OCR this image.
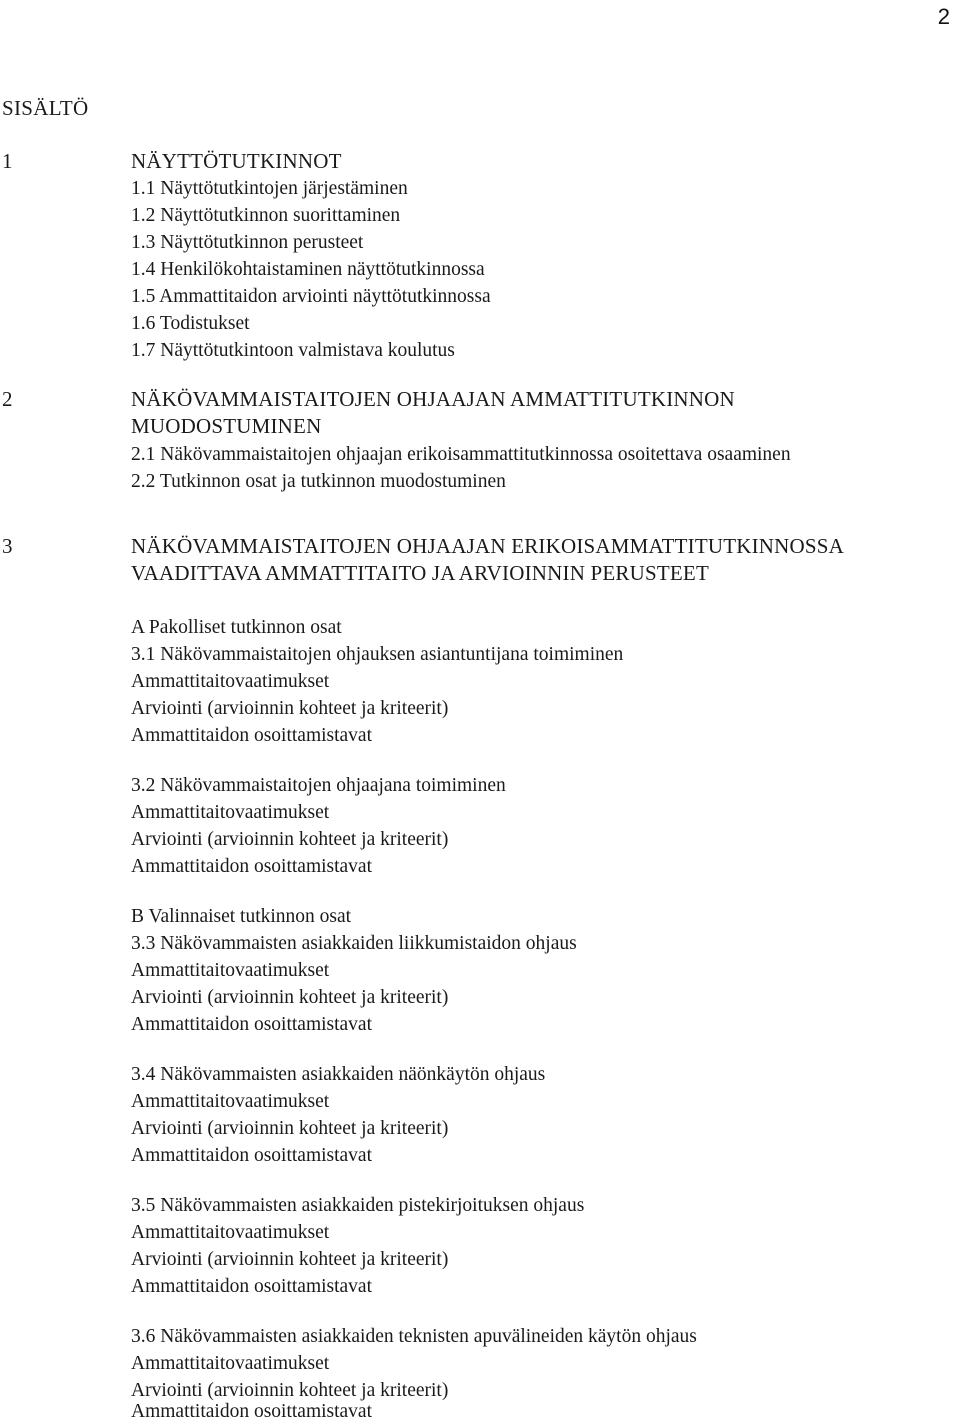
2
SISÄLTÖ
1	NÄYTTÖTUTKINNOT
1.1 Näyttötutkintojen järjestäminen
1.2 Näyttötutkinnon suorittaminen
1.3 Näyttötutkinnon perusteet
1.4 Henkilökohtaistaminen näyttötutkinnossa
1.5 Ammattitaidon arviointi näyttötutkinnossa
1.6 Todistukset
1.7 Näyttötutkintoon valmistava koulutus
2	NÄKÖVAMMAISTAITOJEN OHJAAJAN AMMATTITUTKINNON
MUODOSTUMINEN
2.1 Näkövammaistaitojen ohjaajan erikoisammattitutkinnossa osoitettava osaaminen
2.2 Tutkinnon osat ja tutkinnon muodostuminen
3	NÄKÖVAMMAISTAITOJEN OHJAAJAN ERIKOISAMMATTITUTKINNOSSA
VAADITTAVA AMMATTITAITO JA ARVIOINNIN PERUSTEET
A Pakolliset tutkinnon osat
3.1 Näkövammaistaitojen ohjauksen asiantuntijana toimiminen
Ammattitaitovaatimukset
Arviointi (arvioinnin kohteet ja kriteerit)
Ammattitaidon osoittamistavat
3.2 Näkövammaistaitojen ohjaajana toimiminen
Ammattitaitovaatimukset
Arviointi (arvioinnin kohteet ja kriteerit)
Ammattitaidon osoittamistavat
B Valinnaiset tutkinnon osat
3.3 Näkövammaisten asiakkaiden liikkumistaidon ohjaus
Ammattitaitovaatimukset
Arviointi (arvioinnin kohteet ja kriteerit)
Ammattitaidon osoittamistavat
3.4 Näkövammaisten asiakkaiden näönkäytön ohjaus
Ammattitaitovaatimukset
Arviointi (arvioinnin kohteet ja kriteerit)
Ammattitaidon osoittamistavat
3.5 Näkövammaisten asiakkaiden pistekirjoituksen ohjaus
Ammattitaitovaatimukset
Arviointi (arvioinnin kohteet ja kriteerit)
Ammattitaidon osoittamistavat
3.6 Näkövammaisten asiakkaiden teknisten apuvälineiden käytön ohjaus
Ammattitaitovaatimukset
Arviointi (arvioinnin kohteet ja kriteerit)
Ammattitaidon osoittamistavat
